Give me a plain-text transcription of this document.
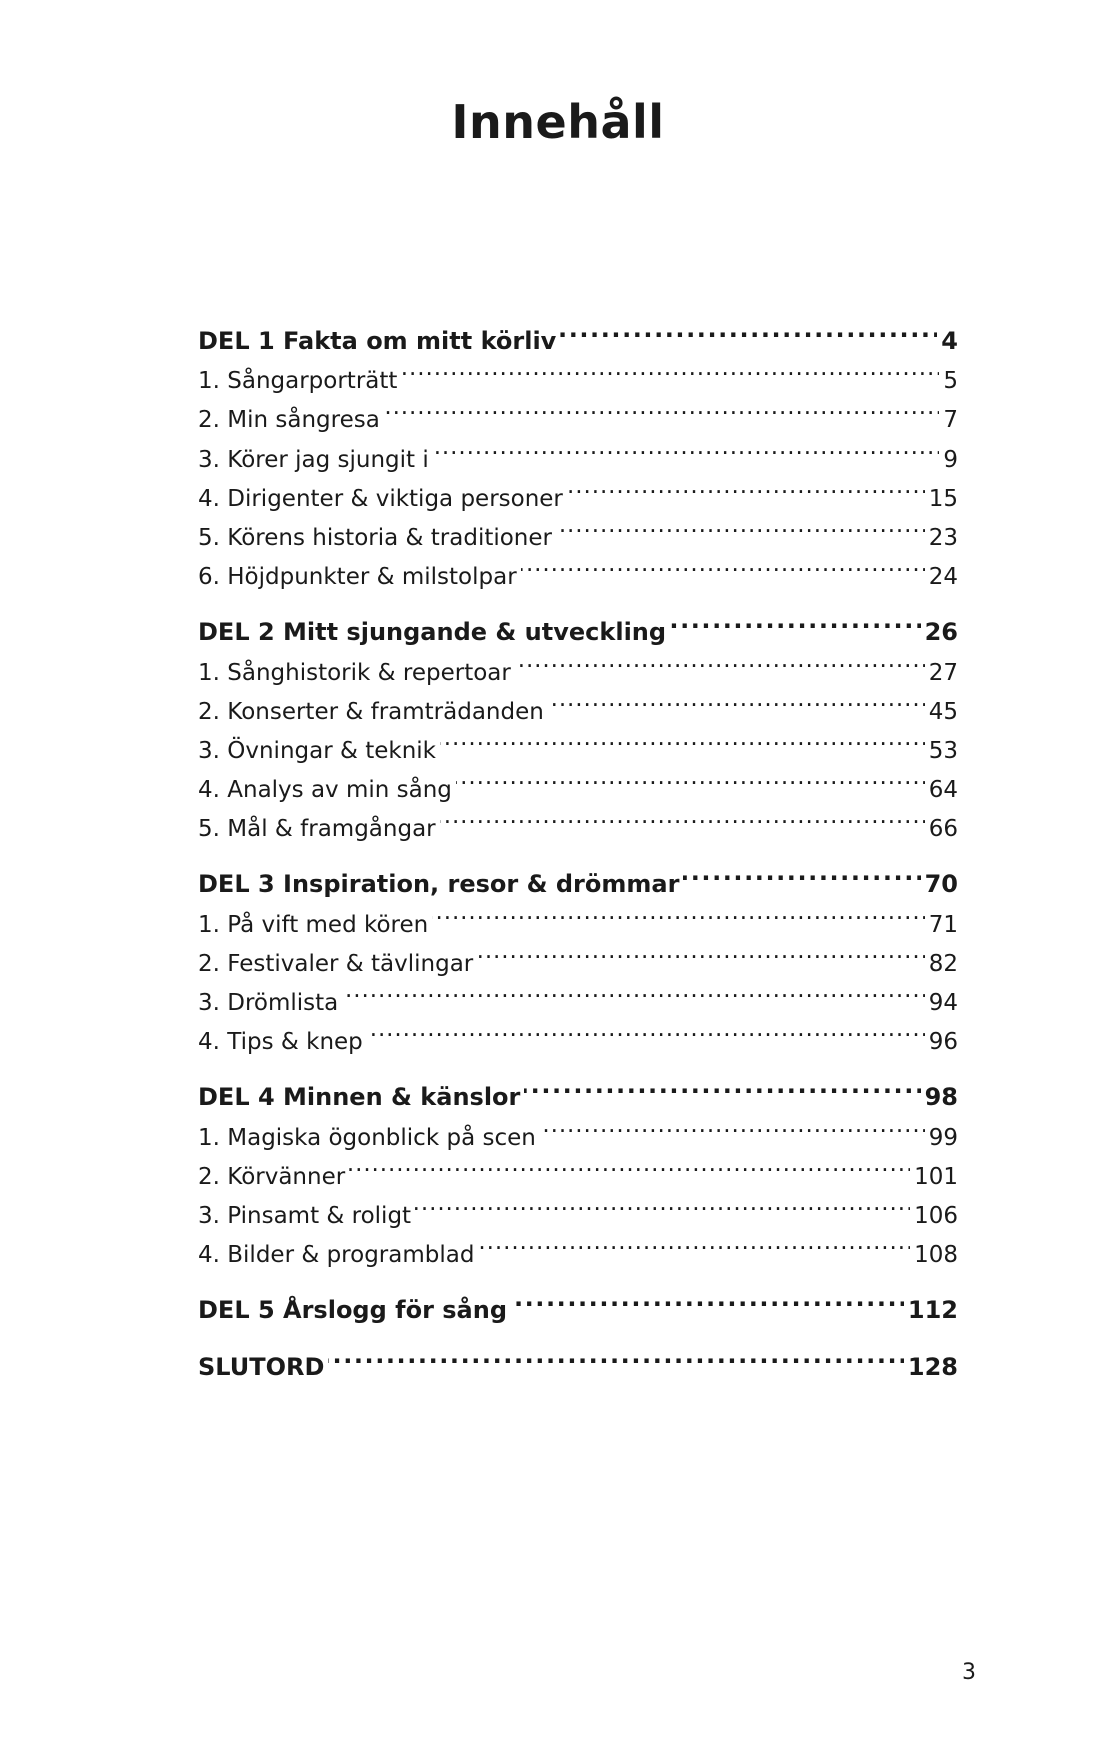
Innehåll
DEL 1 Fakta om mitt körliv . . .	4
1. Sångarporträtt . . .	5
2. Min sångresa . . .	7
3. Körer jag sjungit i . . .	9
4. Dirigenter & viktiga personer . . .	15
5. Körens historia & traditioner . . .	23
6. Höjdpunkter & milstolpar . . .	24
DEL 2 Mitt sjungande & utveckling . . .	26
1. Sånghistorik & repertoar . . .	27
2. Konserter & framträdanden . . .	45
3. Övningar & teknik . . .	53
4. Analys av min sång . . .	64
5. Mål & framgångar . . .	66
DEL 3 Inspiration, resor & drömmar . . .	70
1. På vift med kören . . .	71
2. Festivaler & tävlingar . . .	82
3. Drömlista . . .	94
4. Tips & knep . . .	96
DEL 4 Minnen & känslor . . .	98
1. Magiska ögonblick på scen . . .	99
2. Körvänner . . .	101
3. Pinsamt & roligt . . .	106
4. Bilder & programblad . . .	108
DEL 5 Årslogg för sång . . .	112
SLUTORD . . .	128
3
